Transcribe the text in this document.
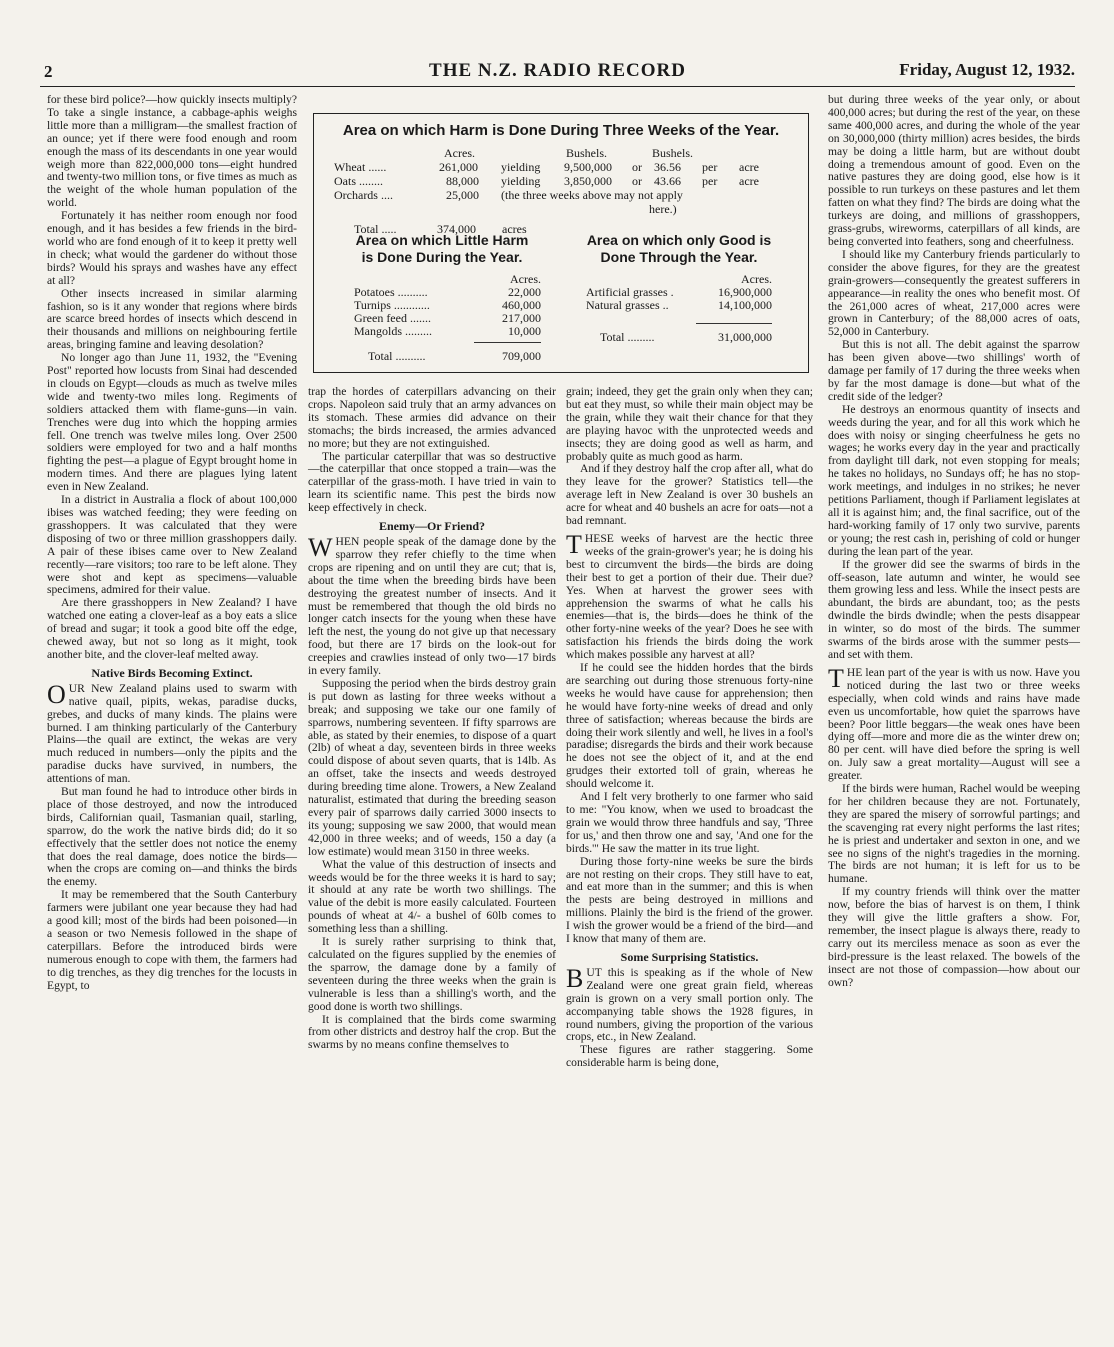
2	THE N.Z. RADIO RECORD	Friday, August 12, 1932.

for these bird police?—how quickly insects multiply? To take a single instance, a cabbage-aphis weighs little more than a milligram—the smallest fraction of an ounce; yet if there were food enough and room enough the mass of its descendants in one year would weigh more than 822,000,000 tons—eight hundred and twenty-two million tons, or five times as much as the weight of the whole human population of the world.

Fortunately it has neither room enough nor food enough, and it has besides a few friends in the bird-world who are fond enough of it to keep it pretty well in check; what would the gardener do without those birds? Would his sprays and washes have any effect at all?

Other insects increased in similar alarming fashion, so is it any wonder that regions where birds are scarce breed hordes of insects which descend in their thousands and millions on neighbouring fertile areas, bringing famine and leaving desolation?

No longer ago than June 11, 1932, the "Evening Post" reported how locusts from Sinai had descended in clouds on Egypt—clouds as much as twelve miles wide and twenty-two miles long. Regiments of soldiers attacked them with flame-guns—in vain. Trenches were dug into which the hopping armies fell. One trench was twelve miles long. Over 2500 soldiers were employed for two and a half months fighting the pest—a plague of Egypt brought home in modern times. And there are plagues lying latent even in New Zealand.

In a district in Australia a flock of about 100,000 ibises was watched feeding; they were feeding on grasshoppers. It was calculated that they were disposing of two or three million grasshoppers daily. A pair of these ibises came over to New Zealand recently—rare visitors; too rare to be left alone. They were shot and kept as specimens—valuable specimens, admired for their value.

Are there grasshoppers in New Zealand? I have watched one eating a clover-leaf as a boy eats a slice of bread and sugar; it took a good bite off the edge, chewed away, but not so long as it might, took another bite, and the clover-leaf melted away.

Native Birds Becoming Extinct.

OUR New Zealand plains used to swarm with native quail, pipits, wekas, paradise ducks, grebes, and ducks of many kinds. The plains were burned. I am thinking particularly of the Canterbury Plains—the quail are extinct, the wekas are very much reduced in numbers—only the pipits and the paradise ducks have survived, in numbers, the attentions of man.

But man found he had to introduce other birds in place of those destroyed, and now the introduced birds, Californian quail, Tasmanian quail, starling, sparrow, do the work the native birds did; do it so effectively that the settler does not notice the enemy that does the real damage, does notice the birds—when the crops are coming on—and thinks the birds the enemy.

It may be remembered that the South Canterbury farmers were jubilant one year because they had had a good kill; most of the birds had been poisoned—in a season or two Nemesis followed in the shape of caterpillars. Before the introduced birds were numerous enough to cope with them, the farmers had to dig trenches, as they dig trenches for the locusts in Egypt, to

Area on which Harm is Done During Three Weeks of the Year.
Acres.	Bushels.	Bushels.
Wheat ......	261,000 yielding 9,500,000 or 36.56 per acre
Oats ........	88,000 yielding 3,850,000 or 43.66 per acre
Orchards ....	25,000 (the three weeks above may not apply
here.)
Total .....	374,000 acres
Area on which Little Harm
is Done During the Year.
Acres.
Potatoes ..........	22,000
Turnips ............	460,000
Green feed .......	217,000
Mangolds .........	10,000
Total ..........	709,000
Area on which only Good is
Done Through the Year.
Acres.
Artificial grasses .	16,900,000
Natural grasses ..	14,100,000
Total .........	31,000,000

trap the hordes of caterpillars advancing on their crops. Napoleon said truly that an army advances on its stomach. These armies did advance on their stomachs; the birds increased, the armies advanced no more; but they are not extinguished.

The particular caterpillar that was so destructive—the caterpillar that once stopped a train—was the caterpillar of the grass-moth. I have tried in vain to learn its scientific name. This pest the birds now keep effectively in check.

Enemy—Or Friend?

WHEN people speak of the damage done by the sparrow they refer chiefly to the time when crops are ripening and on until they are cut; that is, about the time when the breeding birds have been destroying the greatest number of insects. And it must be remembered that though the old birds no longer catch insects for the young when these have left the nest, the young do not give up that necessary food, but there are 17 birds on the look-out for creepies and crawlies instead of only two—17 birds in every family.

Supposing the period when the birds destroy grain is put down as lasting for three weeks without a break; and supposing we take our one family of sparrows, numbering seventeen. If fifty sparrows are able, as stated by their enemies, to dispose of a quart (2lb) of wheat a day, seventeen birds in three weeks could dispose of about seven quarts, that is 14lb. As an offset, take the insects and weeds destroyed during breeding time alone. Trowers, a New Zealand naturalist, estimated that during the breeding season every pair of sparrows daily carried 3000 insects to its young; supposing we saw 2000, that would mean 42,000 in three weeks; and of weeds, 150 a day (a low estimate) would mean 3150 in three weeks.

What the value of this destruction of insects and weeds would be for the three weeks it is hard to say; it should at any rate be worth two shillings. The value of the debit is more easily calculated. Fourteen pounds of wheat at 4/- a bushel of 60lb comes to something less than a shilling.

It is surely rather surprising to think that, calculated on the figures supplied by the enemies of the sparrow, the damage done by a family of seventeen during the three weeks when the grain is vulnerable is less than a shilling's worth, and the good done is worth two shillings.

It is complained that the birds come swarming from other districts and destroy half the crop. But the swarms by no means confine themselves to

grain; indeed, they get the grain only when they can; but eat they must, so while their main object may be the grain, while they wait their chance for that they are playing havoc with the unprotected weeds and insects; they are doing good as well as harm, and probably quite as much good as harm.

And if they destroy half the crop after all, what do they leave for the grower? Statistics tell—the average left in New Zealand is over 30 bushels an acre for wheat and 40 bushels an acre for oats—not a bad remnant.

THESE weeks of harvest are the hectic three weeks of the grain-grower's year; he is doing his best to circumvent the birds—the birds are doing their best to get a portion of their due. Their due? Yes. When at harvest the grower sees with apprehension the swarms of what he calls his enemies—that is, the birds—does he think of the other forty-nine weeks of the year? Does he see with satisfaction his friends the birds doing the work which makes possible any harvest at all?

If he could see the hidden hordes that the birds are searching out during those strenuous forty-nine weeks he would have cause for apprehension; then he would have forty-nine weeks of dread and only three of satisfaction; whereas because the birds are doing their work silently and well, he lives in a fool's paradise; disregards the birds and their work because he does not see the object of it, and at the end grudges their extorted toll of grain, whereas he should welcome it.

And I felt very brotherly to one farmer who said to me: "You know, when we used to broadcast the grain we would throw three handfuls and say, 'Three for us,' and then throw one and say, 'And one for the birds.'" He saw the matter in its true light.

During those forty-nine weeks be sure the birds are not resting on their crops. They still have to eat, and eat more than in the summer; and this is when the pests are being destroyed in millions and millions. Plainly the bird is the friend of the grower. I wish the grower would be a friend of the bird—and I know that many of them are.

Some Surprising Statistics.

BUT this is speaking as if the whole of New Zealand were one great grain field, whereas grain is grown on a very small portion only. The accompanying table shows the 1928 figures, in round numbers, giving the proportion of the various crops, etc., in New Zealand.

These figures are rather staggering. Some considerable harm is being done,

but during three weeks of the year only, or about 400,000 acres; but during the rest of the year, on these same 400,000 acres, and during the whole of the year on 30,000,000 (thirty million) acres besides, the birds may be doing a little harm, but are without doubt doing a tremendous amount of good. Even on the native pastures they are doing good, else how is it possible to run turkeys on these pastures and let them fatten on what they find? The birds are doing what the turkeys are doing, and millions of grasshoppers, grass-grubs, wireworms, caterpillars of all kinds, are being converted into feathers, song and cheerfulness.

I should like my Canterbury friends particularly to consider the above figures, for they are the greatest grain-growers—consequently the greatest sufferers in appearance—in reality the ones who benefit most. Of the 261,000 acres of wheat, 217,000 acres were grown in Canterbury; of the 88,000 acres of oats, 52,000 in Canterbury.

But this is not all. The debit against the sparrow has been given above—two shillings' worth of damage per family of 17 during the three weeks when by far the most damage is done—but what of the credit side of the ledger?

He destroys an enormous quantity of insects and weeds during the year, and for all this work which he does with noisy or singing cheerfulness he gets no wages; he works every day in the year and practically from daylight till dark, not even stopping for meals; he takes no holidays, no Sundays off; he has no stop-work meetings, and indulges in no strikes; he never petitions Parliament, though if Parliament legislates at all it is against him; and, the final sacrifice, out of the hard-working family of 17 only two survive, parents or young; the rest cash in, perishing of cold or hunger during the lean part of the year.

If the grower did see the swarms of birds in the off-season, late autumn and winter, he would see them growing less and less. While the insect pests are abundant, the birds are abundant, too; as the pests dwindle the birds dwindle; when the pests disappear in winter, so do most of the birds. The summer swarms of the birds arose with the summer pests—and set with them.

THE lean part of the year is with us now. Have you noticed during the last two or three weeks especially, when cold winds and rains have made even us uncomfortable, how quiet the sparrows have been? Poor little beggars—the weak ones have been dying off—more and more die as the winter drew on; 80 per cent. will have died before the spring is well on. July saw a great mortality—August will see a greater.

If the birds were human, Rachel would be weeping for her children because they are not. Fortunately, they are spared the misery of sorrowful partings; and the scavenging rat every night performs the last rites; he is priest and undertaker and sexton in one, and we see no signs of the night's tragedies in the morning. The birds are not human; it is left for us to be humane.

If my country friends will think over the matter now, before the bias of harvest is on them, I think they will give the little grafters a show. For, remember, the insect plague is always there, ready to carry out its merciless menace as soon as ever the bird-pressure is the least relaxed. The bowels of the insect are not those of compassion—how about our own?
